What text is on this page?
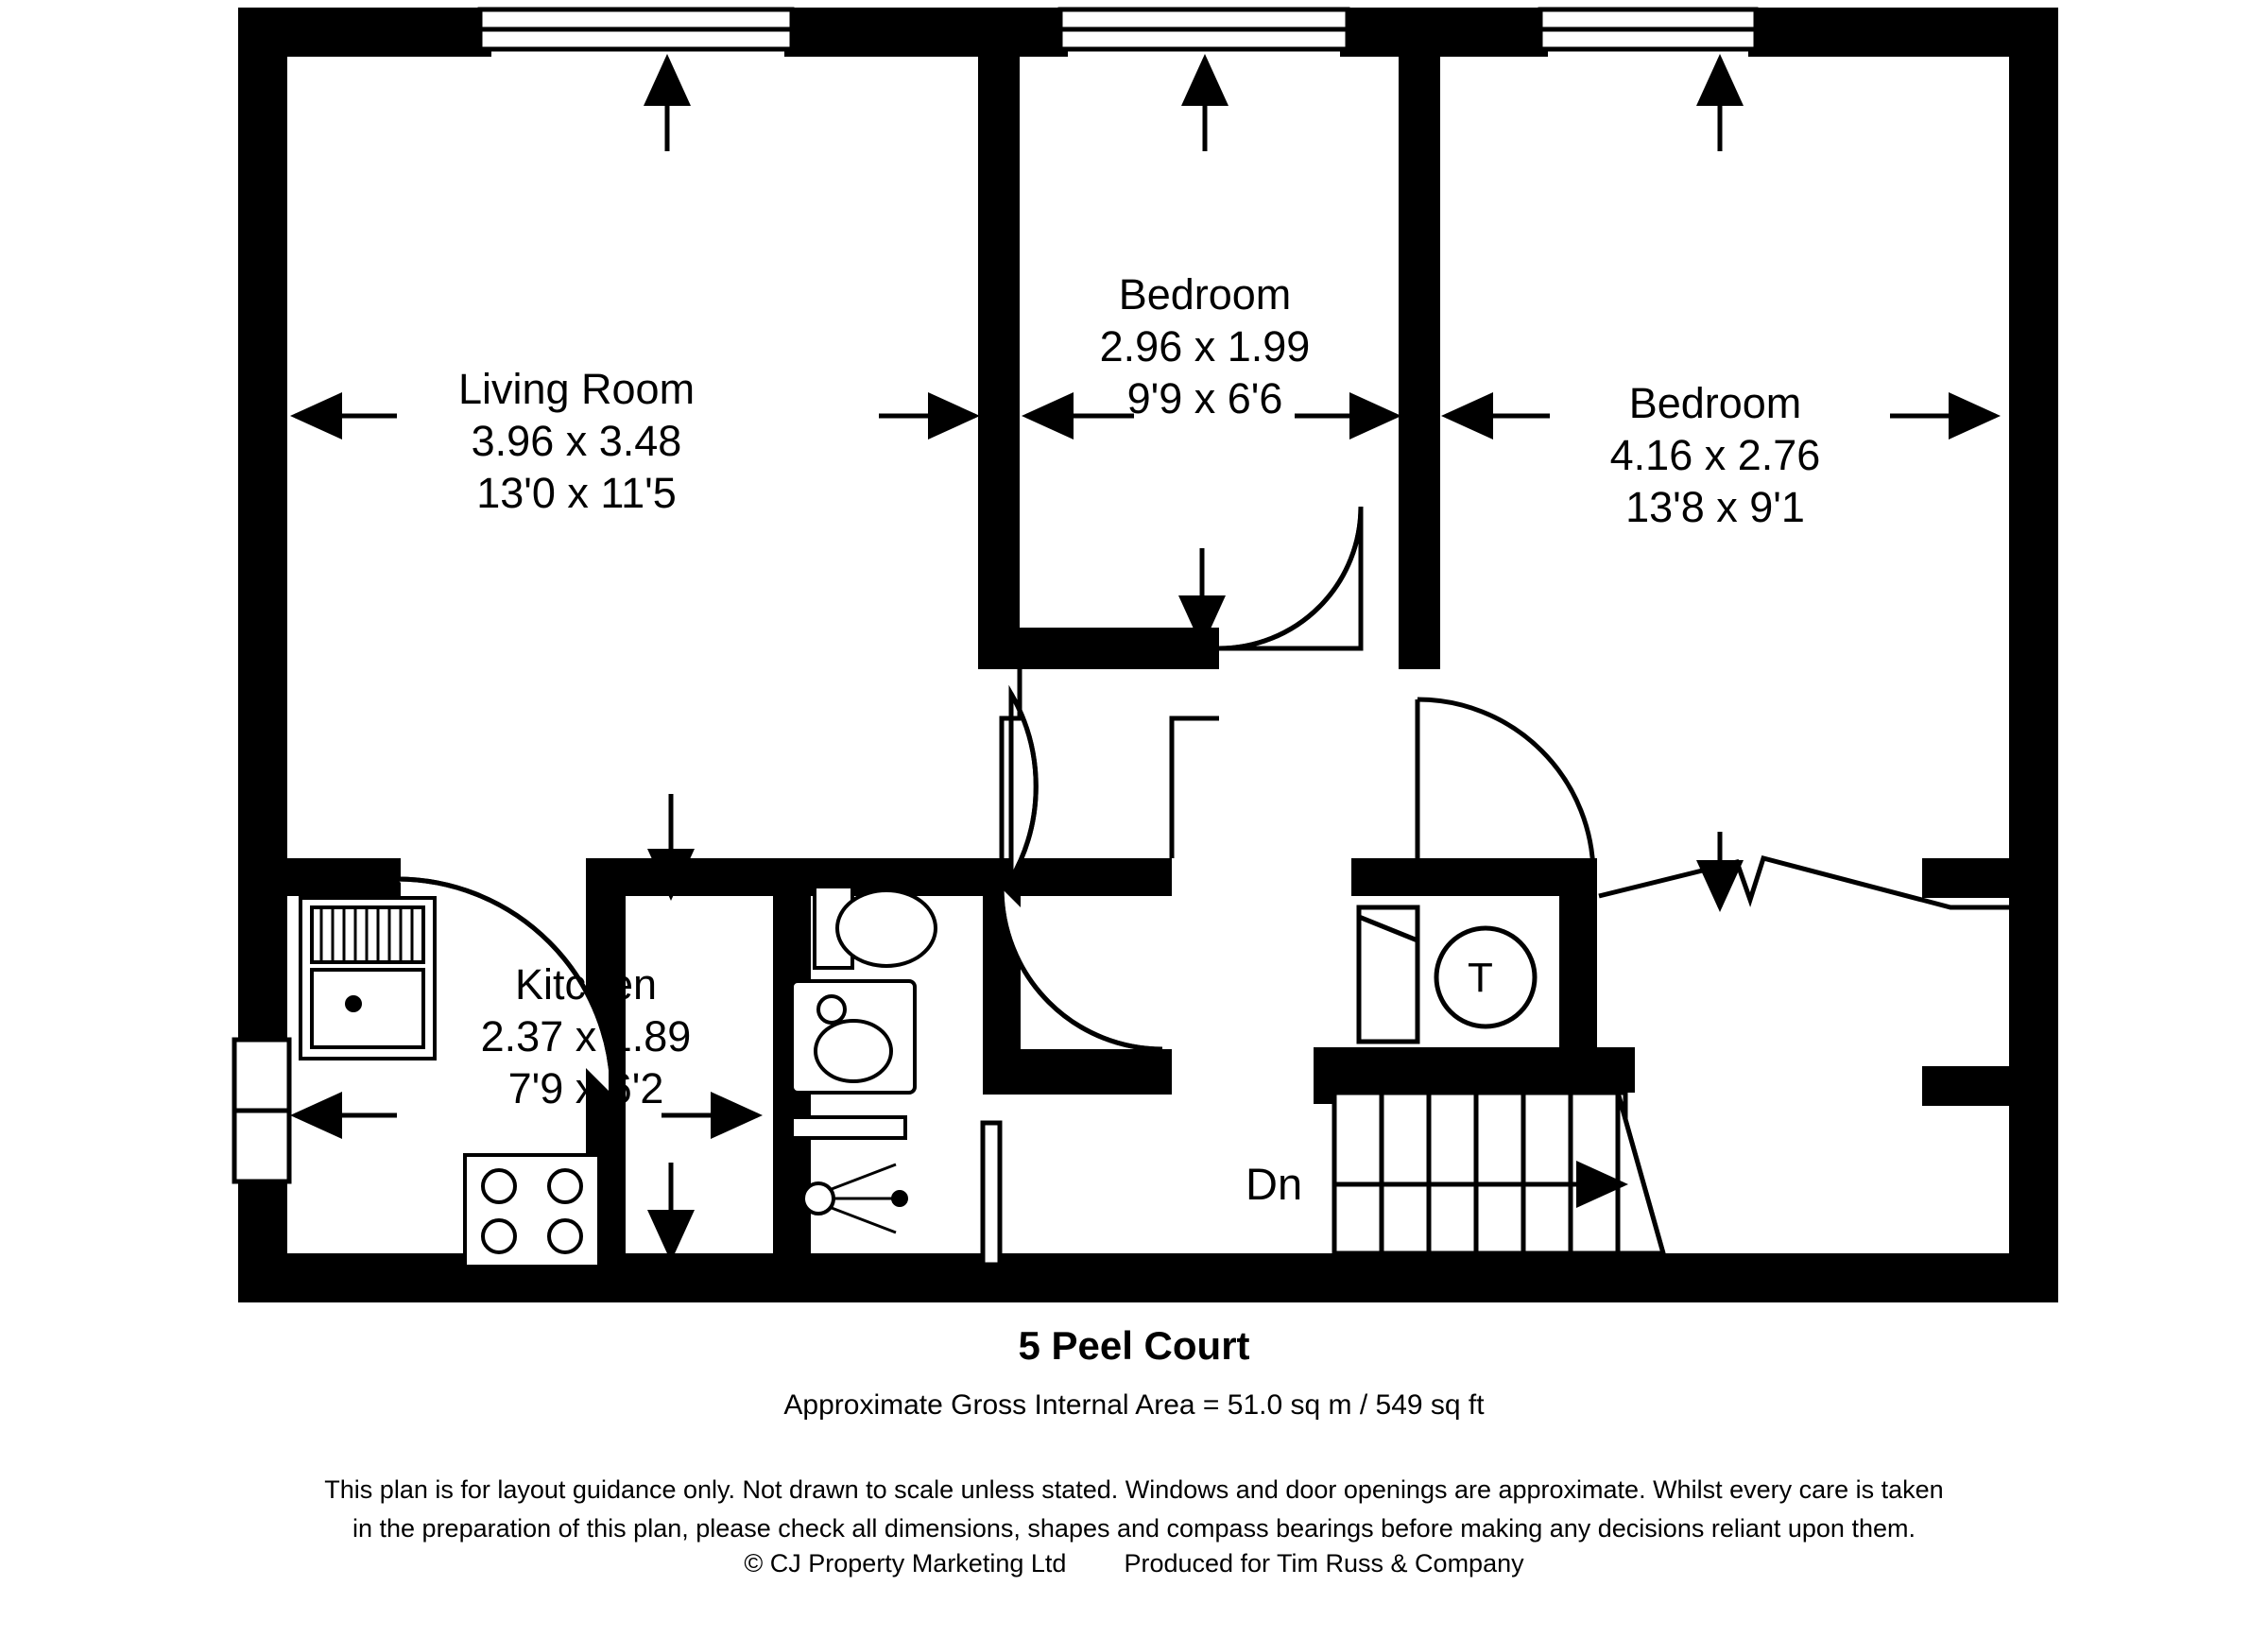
Living Room
3.96 x 3.48
13'0 x 11'5
Bedroom
2.96 x 1.99
9'9 x 6'6	Bedroom
4.16 x 2.76
13'8 x 9'1
Kitchen
2.37 x 1.89
7'9 x 6'2
Dn
T
5 Peel Court
Approximate Gross Internal Area = 51.0 sq m / 549 sq ft
This plan is for layout guidance only. Not drawn to scale unless stated. Windows and door openings are approximate. Whilst every care is taken
in the preparation of this plan, please check all dimensions, shapes and compass bearings before making any decisions reliant upon them.
© CJ Property Marketing Ltd Produced for Tim Russ & Company
